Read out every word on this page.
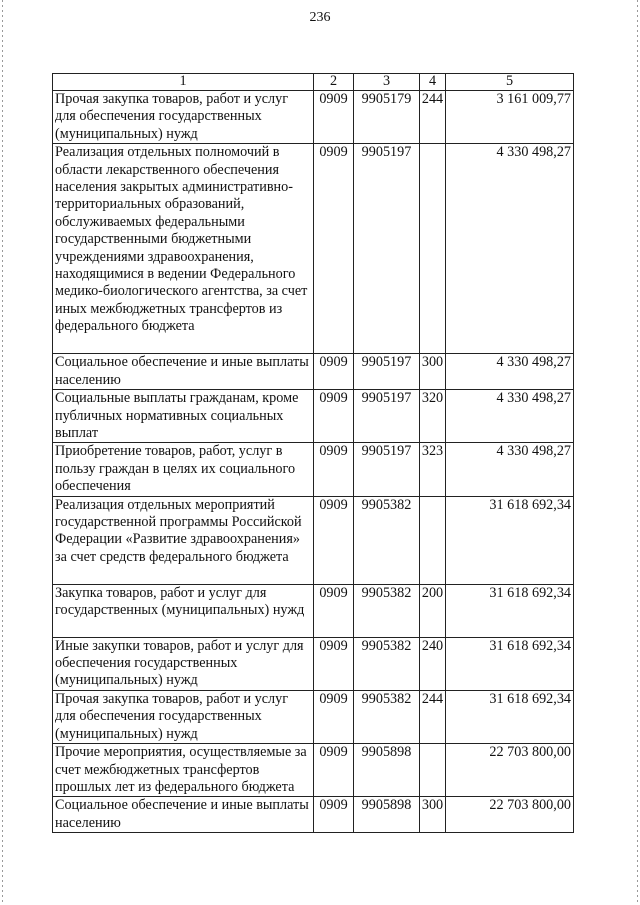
236
1	2	3	4	5
Прочая закупка товаров, работ и услуг для обеспечения государственных (муниципальных) нужд	0909	9905179	244	3 161 009,77
Реализация отдельных полномочий в области лекарственного обеспечения населения закрытых административно-территориальных образований, обслуживаемых федеральными государственными бюджетными учреждениями здравоохранения, находящимися в ведении Федерального медико-биологического агентства, за счет иных межбюджетных трансфертов из федерального бюджета	0909	9905197		4 330 498,27
Социальное обеспечение и иные выплаты населению	0909	9905197	300	4 330 498,27
Социальные выплаты гражданам, кроме публичных нормативных социальных выплат	0909	9905197	320	4 330 498,27
Приобретение товаров, работ, услуг в пользу граждан в целях их социального обеспечения	0909	9905197	323	4 330 498,27
Реализация отдельных мероприятий государственной программы Российской Федерации «Развитие здравоохранения» за счет средств федерального бюджета	0909	9905382		31 618 692,34
Закупка товаров, работ и услуг для государственных (муниципальных) нужд	0909	9905382	200	31 618 692,34
Иные закупки товаров, работ и услуг для обеспечения государственных (муниципальных) нужд	0909	9905382	240	31 618 692,34
Прочая закупка товаров, работ и услуг для обеспечения государственных (муниципальных) нужд	0909	9905382	244	31 618 692,34
Прочие мероприятия, осуществляемые за счет межбюджетных трансфертов прошлых лет из федерального бюджета	0909	9905898		22 703 800,00
Социальное обеспечение и иные выплаты населению	0909	9905898	300	22 703 800,00
